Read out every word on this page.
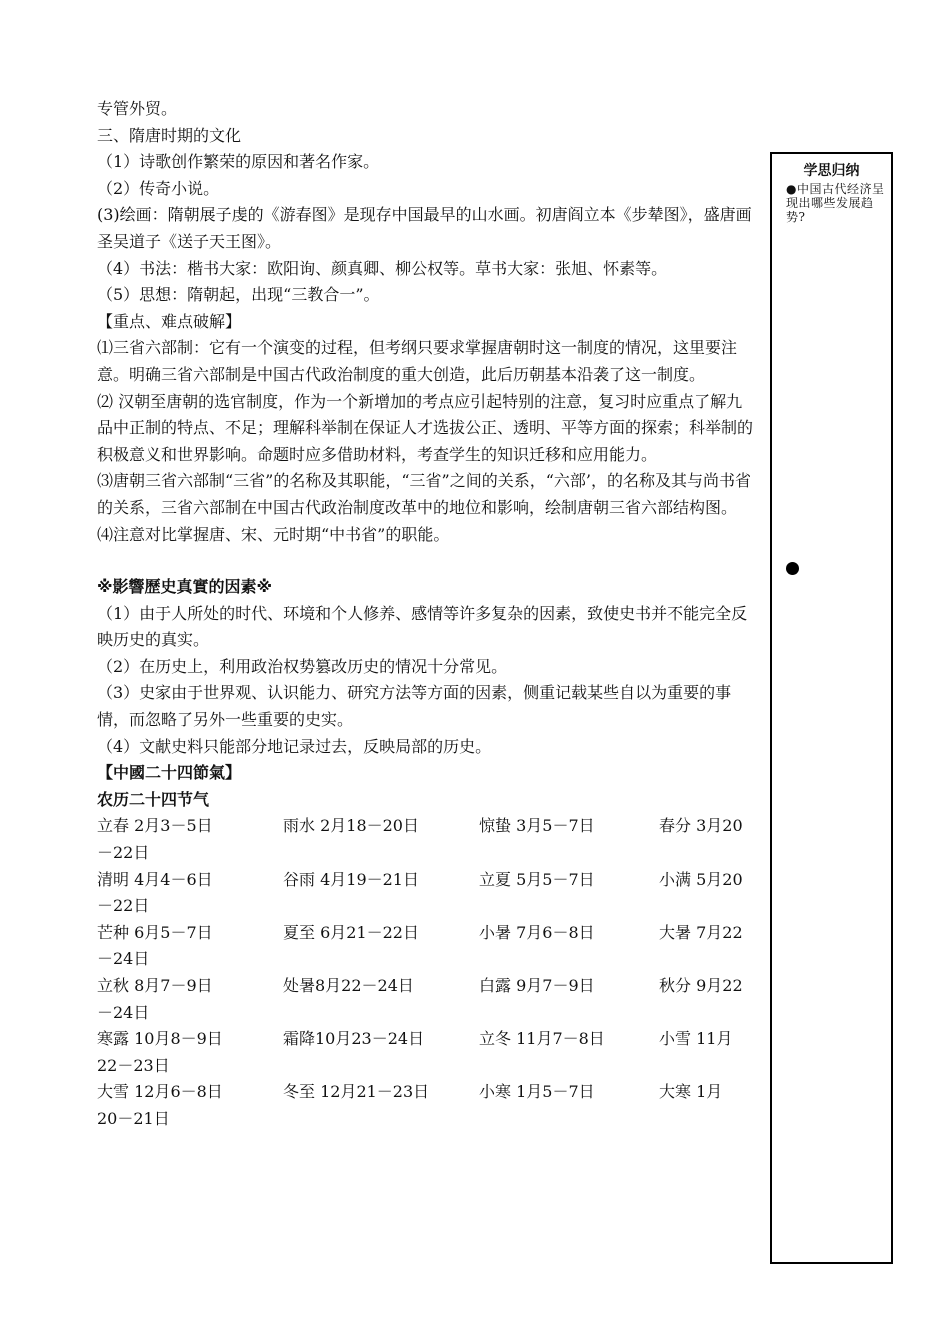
专管外贸。

三、隋唐时期的文化

（1）诗歌创作繁荣的原因和著名作家。

（2）传奇小说。

(3)绘画：隋朝展子虔的《游春图》是现存中国最早的山水画。初唐阎立本《步辇图》，盛唐画圣吴道子《送子天王图》。

（4）书法：楷书大家：欧阳询、颜真卿、柳公权等。草书大家：张旭、怀素等。

（5）思想：隋朝起，出现“三教合一”。

【重点、难点破解】

⑴三省六部制：它有一个演变的过程，但考纲只要求掌握唐朝时这一制度的情况，这里要注意。明确三省六部制是中国古代政治制度的重大创造，此后历朝基本沿袭了这一制度。

⑵ 汉朝至唐朝的选官制度，作为一个新增加的考点应引起特别的注意，复习时应重点了解九品中正制的特点、不足；理解科举制在保证人才选拔公正、透明、平等方面的探索；科举制的积极意义和世界影响。命题时应多借助材料，考查学生的知识迁移和应用能力。

⑶唐朝三省六部制“三省”的名称及其职能，“三省”之间的关系，“六部’，的名称及其与尚书省的关系，三省六部制在中国古代政治制度改革中的地位和影响，绘制唐朝三省六部结构图。

⑷注意对比掌握唐、宋、元时期“中书省”的职能。

※影響歷史真實的因素※

（1）由于人所处的时代、环境和个人修养、感情等许多复杂的因素，致使史书并不能完全反映历史的真实。

（2）在历史上，利用政治权势篡改历史的情况十分常见。

（3）史家由于世界观、认识能力、研究方法等方面的因素，侧重记载某些自以为重要的事情，而忽略了另外一些重要的史实。

（4）文献史料只能部分地记录过去，反映局部的历史。

【中國二十四節氣】

农历二十四节气

立春 2月3－5日	雨水 2月18－20日	惊蛰 3月5－7日	春分 3月20

－22日

清明 4月4－6日	谷雨 4月19－21日	立夏 5月5－7日	小满 5月20

－22日

芒种 6月5－7日	夏至 6月21－22日	小暑 7月6－8日	大暑 7月22

－24日

立秋 8月7－9日	处暑8月22－24日	白露 9月7－9日	秋分 9月22

－24日

寒露 10月8－9日	霜降10月23－24日	立冬 11月7－8日	小雪 11月

22－23日

大雪 12月6－8日	冬至 12月21－23日	小寒 1月5－7日	大寒 1月

20－21日

学思归纳
●中国古代经济呈现出哪些发展趋势?
